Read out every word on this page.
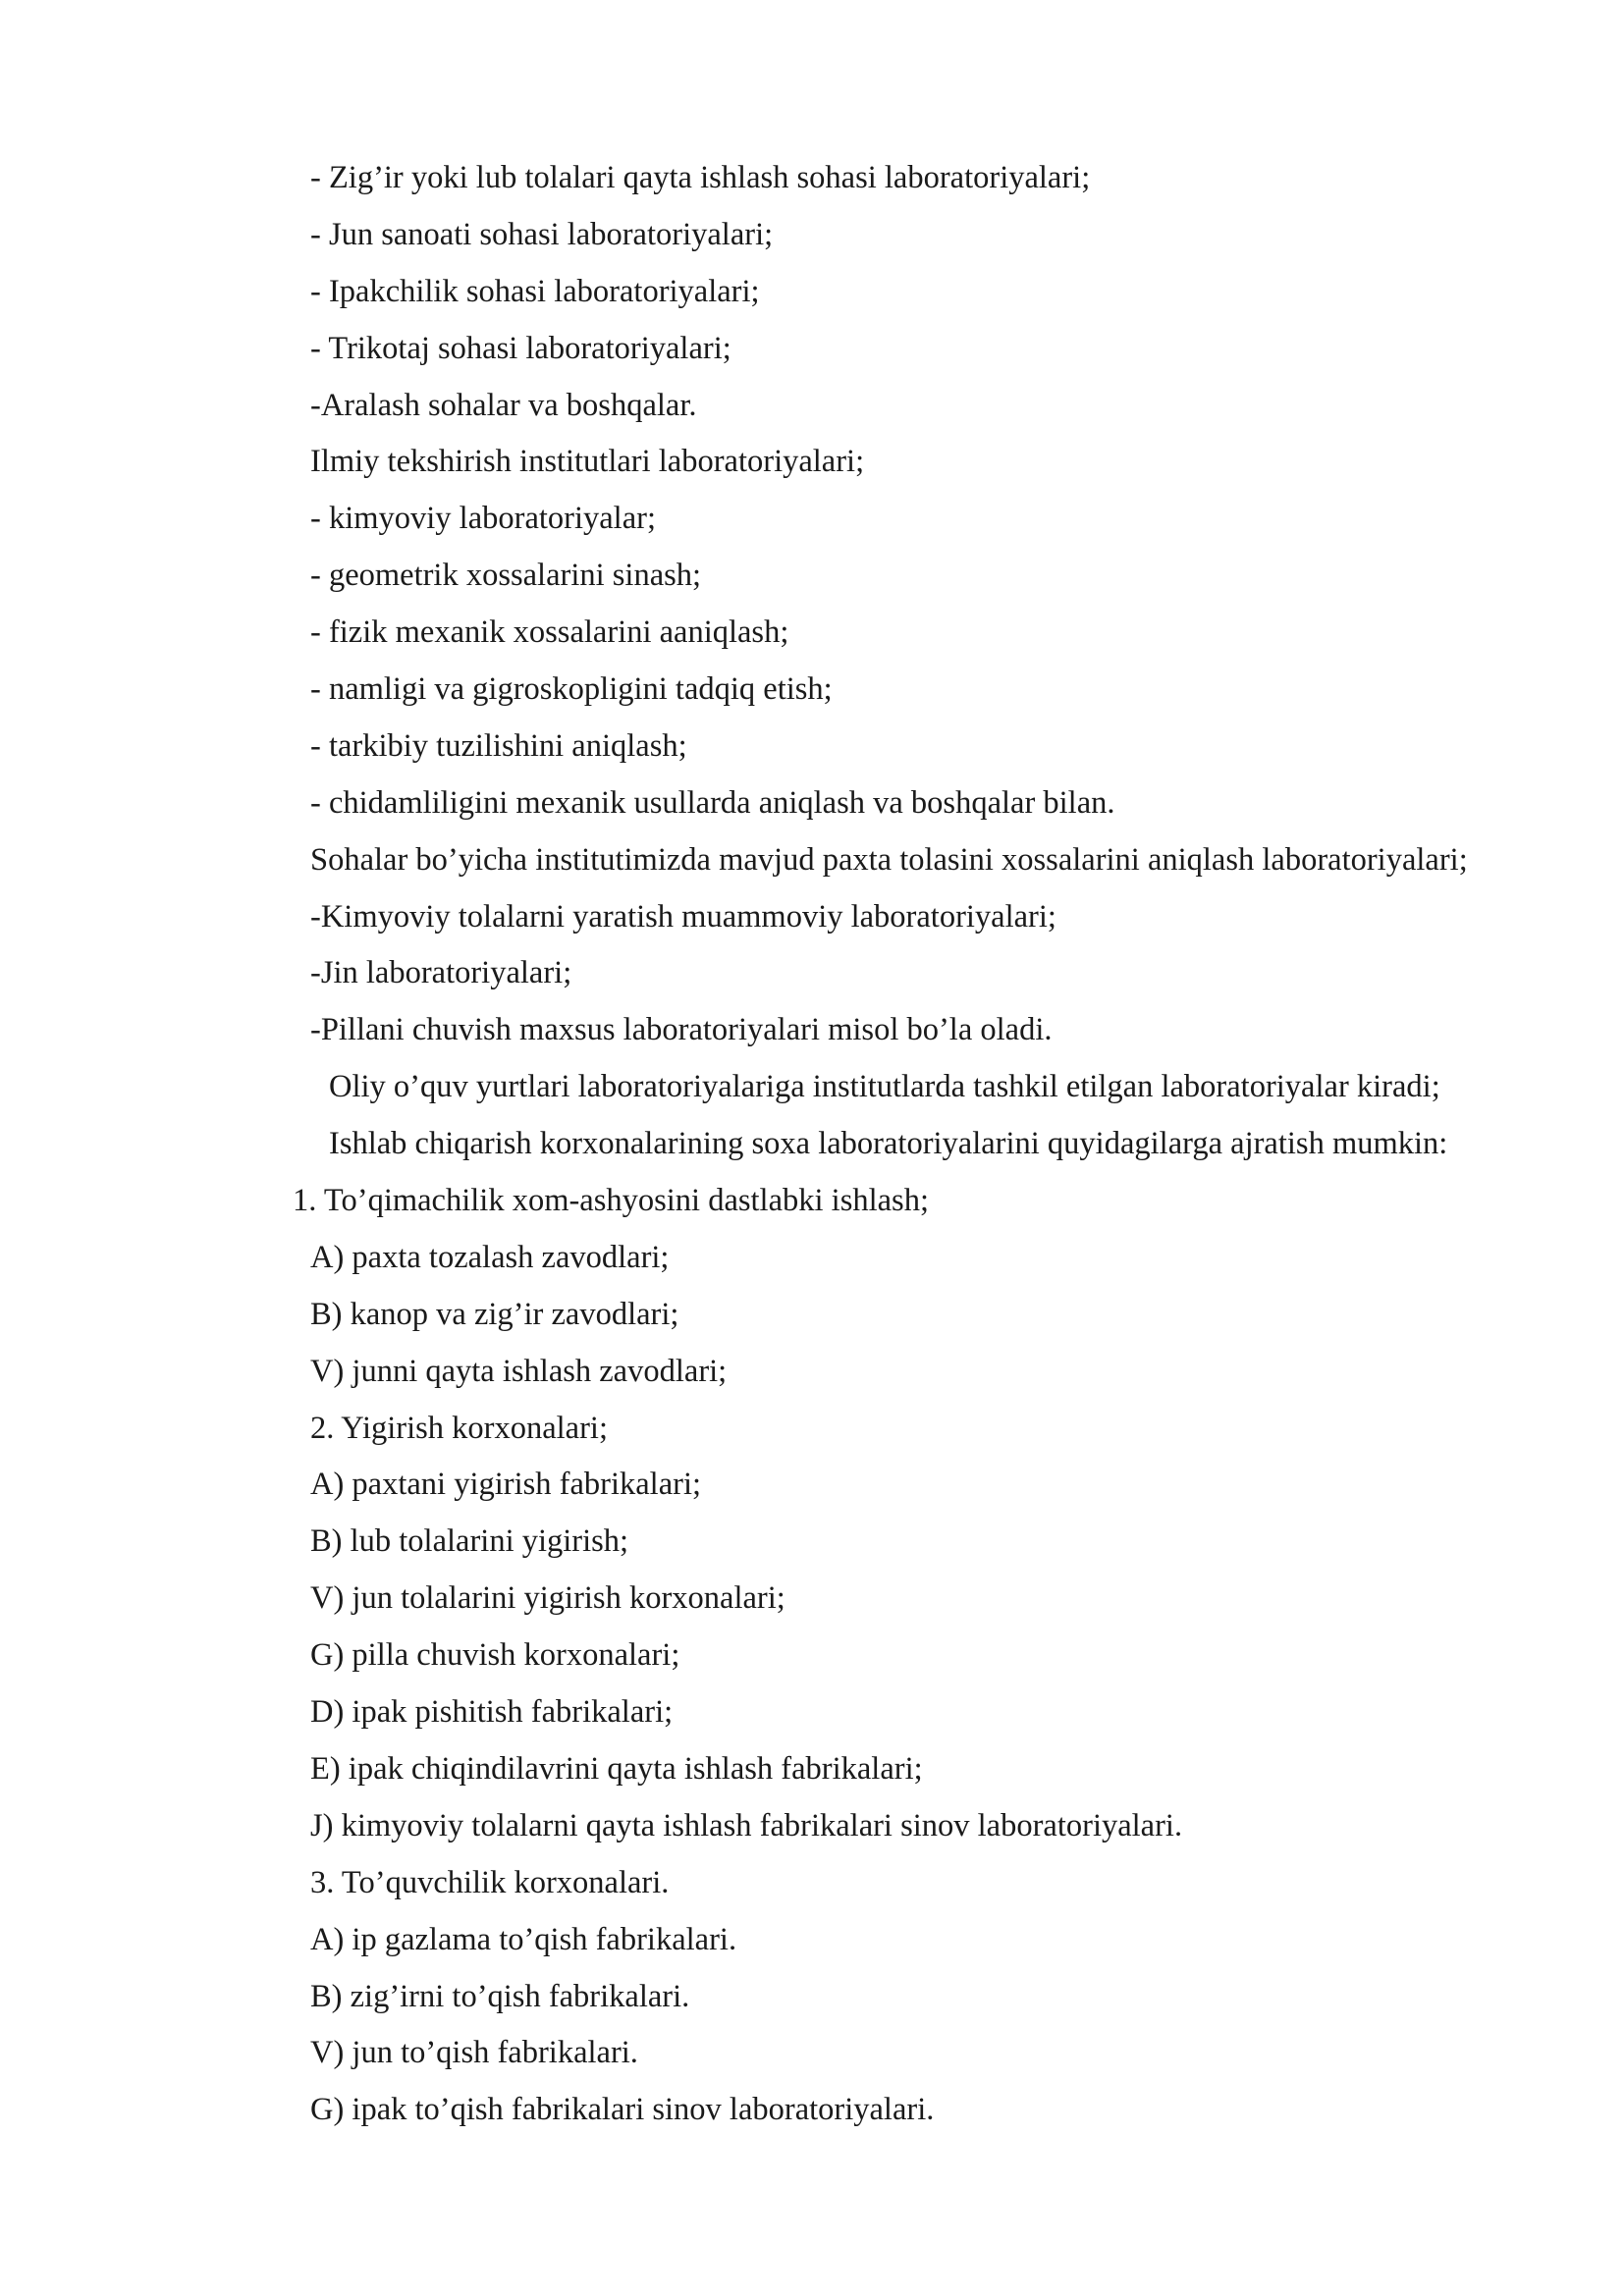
- Zig’ir yoki lub tolalari qayta ishlash sohasi laboratoriyalari;
- Jun sanoati sohasi laboratoriyalari;
- Ipakchilik sohasi laboratoriyalari;
- Trikotaj sohasi laboratoriyalari;
-Aralash sohalar va boshqalar.
Ilmiy tekshirish institutlari laboratoriyalari;
- kimyoviy laboratoriyalar;
- geometrik xossalarini sinash;
- fizik mexanik xossalarini aaniqlash;
- namligi va gigroskopligini tadqiq etish;
- tarkibiy tuzilishini aniqlash;
- chidamliligini mexanik usullarda aniqlash va boshqalar bilan.
Sohalar bo’yicha institutimizda mavjud paxta tolasini xossalarini aniqlash laboratoriyalari;
-Kimyoviy tolalarni yaratish muammoviy laboratoriyalari;
-Jin laboratoriyalari;
-Pillani chuvish maxsus laboratoriyalari misol bo’la oladi.
Oliy o’quv yurtlari laboratoriyalariga institutlarda tashkil etilgan laboratoriyalar kiradi;
Ishlab chiqarish korxonalarining soxa laboratoriyalarini quyidagilarga ajratish mumkin:
1. To’qimachilik xom-ashyosini dastlabki ishlash;
A) paxta tozalash zavodlari;
B) kanop va zig’ir zavodlari;
V) junni qayta ishlash zavodlari;
2. Yigirish korxonalari;
A) paxtani yigirish fabrikalari;
B) lub tolalarini yigirish;
V) jun tolalarini yigirish korxonalari;
G) pilla chuvish korxonalari;
D) ipak pishitish fabrikalari;
E) ipak chiqindilavrini qayta ishlash fabrikalari;
J) kimyoviy tolalarni qayta ishlash fabrikalari sinov laboratoriyalari.
3. To’quvchilik korxonalari.
A) ip gazlama to’qish fabrikalari.
B) zig’irni to’qish fabrikalari.
V) jun to’qish fabrikalari.
G) ipak to’qish fabrikalari sinov laboratoriyalari.
